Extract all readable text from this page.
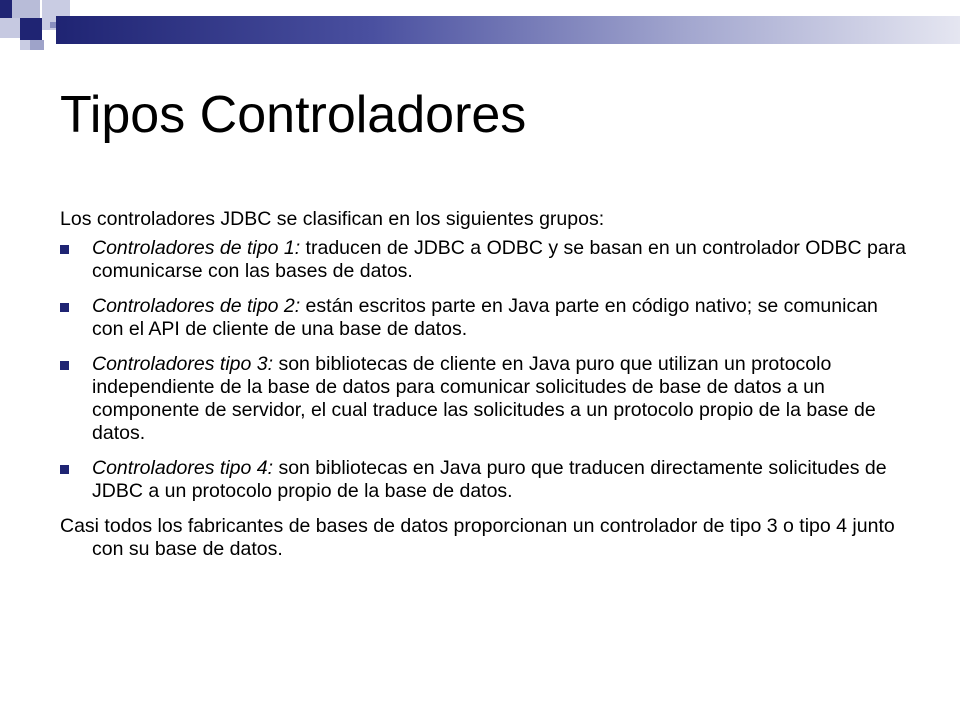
Tipos Controladores

Los controladores JDBC se clasifican en los siguientes grupos:

Controladores de tipo 1: traducen de JDBC a ODBC y se basan en un controlador ODBC para comunicarse con las bases de datos.
Controladores de tipo 2: están escritos parte en Java parte en código nativo; se comunican con el API de cliente de una base de datos.
Controladores tipo 3: son bibliotecas de cliente en Java puro que utilizan un protocolo independiente de la base de datos para comunicar solicitudes de base de datos a un componente de servidor, el cual traduce las solicitudes a un protocolo propio de la base de datos.
Controladores tipo 4: son bibliotecas en Java puro que traducen directamente solicitudes de JDBC a un protocolo propio de la base de datos.

Casi todos los fabricantes de bases de datos proporcionan un controlador de tipo 3 o tipo 4 junto con su base de datos.
